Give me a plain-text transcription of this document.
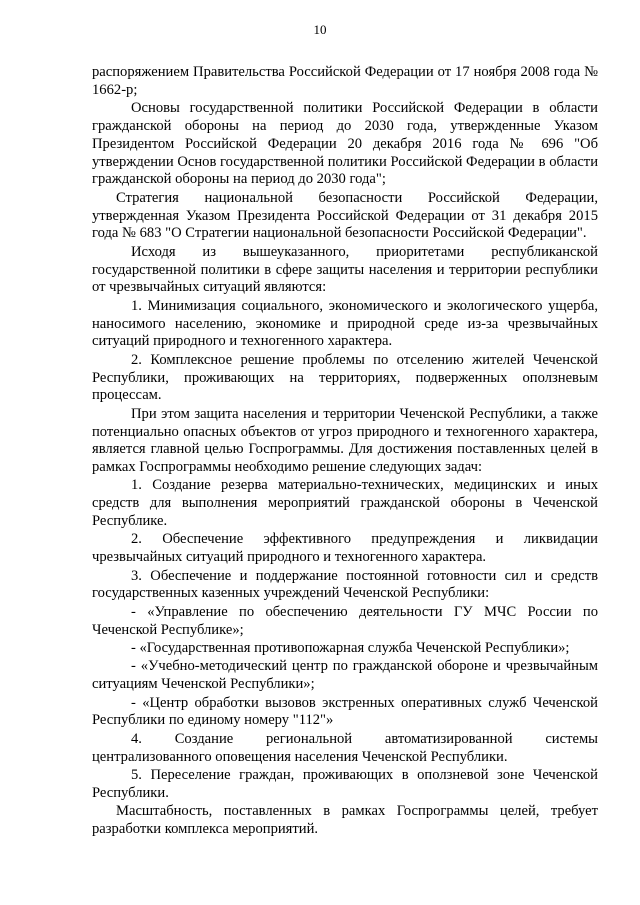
10

распоряжением Правительства Российской Федерации от 17 ноября 2008 года № 1662-р;

Основы государственной политики Российской Федерации в области гражданской обороны на период до 2030 года, утвержденные Указом Президентом Российской Федерации 20 декабря 2016 года № 696 "Об утверждении Основ государственной политики Российской Федерации в области гражданской обороны на период до 2030 года";

Стратегия национальной безопасности Российской Федерации, утвержденная Указом Президента Российской Федерации от 31 декабря 2015 года № 683 "О Стратегии национальной безопасности Российской Федерации".

Исходя из вышеуказанного, приоритетами республиканской государственной политики в сфере защиты населения и территории республики от чрезвычайных ситуаций являются:

1. Минимизация социального, экономического и экологического ущерба, наносимого населению, экономике и природной среде из-за чрезвычайных ситуаций природного и техногенного характера.

2. Комплексное решение проблемы по отселению жителей Чеченской Республики, проживающих на территориях, подверженных оползневым процессам.

При этом защита населения и территории Чеченской Республики, а также потенциально опасных объектов от угроз природного и техногенного характера, является главной целью Госпрограммы. Для достижения поставленных целей в рамках Госпрограммы необходимо решение следующих задач:

1. Создание резерва материально-технических, медицинских и иных средств для выполнения мероприятий гражданской обороны в Чеченской Республике.

2. Обеспечение эффективного предупреждения и ликвидации чрезвычайных ситуаций природного и техногенного характера.

3. Обеспечение и поддержание постоянной готовности сил и средств государственных казенных учреждений Чеченской Республики:

- «Управление по обеспечению деятельности ГУ МЧС России по Чеченской Республике»;

- «Государственная противопожарная служба Чеченской Республики»;

- «Учебно-методический центр по гражданской обороне и чрезвычайным ситуациям Чеченской Республики»;

- «Центр обработки вызовов экстренных оперативных служб Чеченской Республики по единому номеру "112"»

4. Создание региональной автоматизированной системы централизованного оповещения населения Чеченской Республики.

5. Переселение граждан, проживающих в оползневой зоне Чеченской Республики.

Масштабность, поставленных в рамках Госпрограммы целей, требует разработки комплекса мероприятий.
